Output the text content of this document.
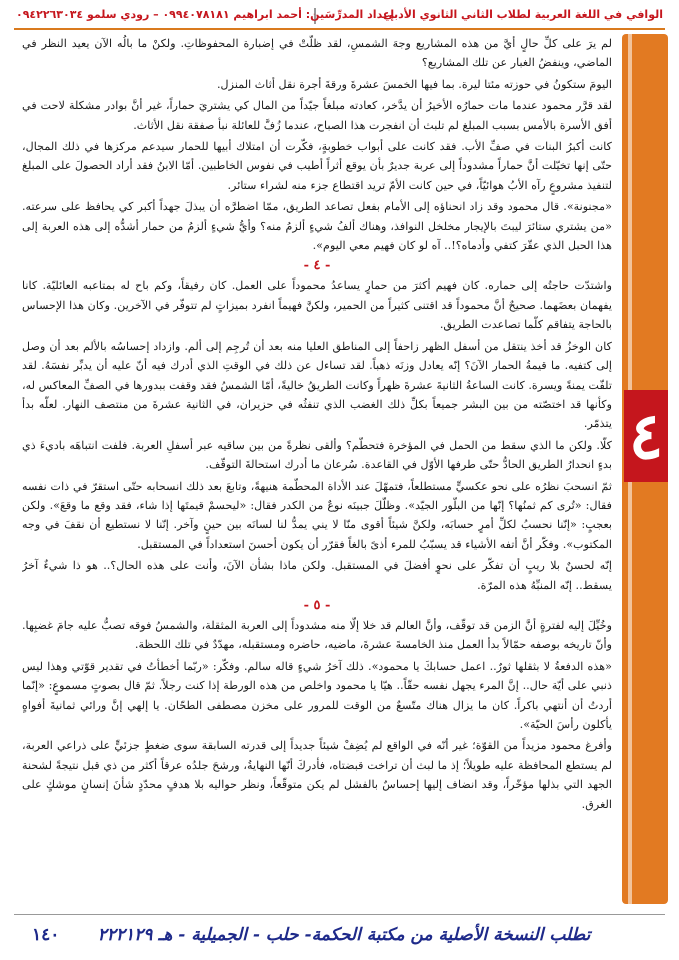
الوافي في اللغة العربية لطلاب الثاني الثانوي الأدبي
إعداد المدرِّسَين: أحمد ابراهيم ٠٩٩٤٠٧٨١٨١ – رودي سلمو ٠٩٤٢٢٦٣٠٣٤
٤

لم يرَ على كلِّ حالٍ أيَّ من هذه المشاريع وجهَ الشمسِ، لقد ظلّتْ في إضبارة المحفوظاتِ. ولكنْ ما بالُه الآن يعيد النظر في الماضي، وينفضُ الغبار عن تلك المشاريع؟

اليومَ ستكونُ في حوزته مئتا ليرة. بما فيها الخمسَ عشرةَ ورقةَ أجرة نقل أثاث المنزل.

لقد قرَّر محمود عندما مات حمارُه الأخيرُ أن يدَّخر، كعادته مبلغاً جيّداً من المال كي يشتريَ حماراً، غير أنَّ بوادر مشكلة لاحت في أفق الأسرة بالأمس بسبب المبلغ لم تلبث أن انفجرت هذا الصباح، عندما زُفَّ للعائلة نبأ صفقة نقل الأثاث.

كانت أكبرُ البنات في صفِّ الأب. فقد كانت على أبواب خطوبةٍ، فكّرت أن امتلاك أبيها للحمار سيدعم مركزها في ذلك المجال، حتّى إنها تخيّلت أنَّ حماراً مشدوداً إلى عربة جديرٌ بأن يوقع أثراً أطيب في نفوس الخاطبين. أمّا الابنُ فقد أراد الحصولَ على المبلغ لتنفيذ مشروعٍ رآه الأبُ هوائيّاً، في حين كانت الأمّ تريد اقتطاع جزء منه لشراء ستائر.

«مجنونة». قال محمود وقد زاد انحناؤه إلى الأمام بفعل تصاعد الطريق، ممّا اضطرَّه أن يبذلَ جهداً أكبر كي يحافظ على سرعته. «من يشتري ستائرَ ليبتَ بالإيجار مخلخل النوافذ، وهناك ألفُ شيءٍ ألزمُ منه؟ وأيُّ شيءٍ ألزمُ من حمار أشدُّه إلى هذه العربة إلى هذا الحبل الذي عقّرَ كتفي وأدماه؟!.. آه لو كان فهيم معي اليوم».

- ٤ -

واشتدّت حاجتُه إلى حماره. كان فهيم أكثرَ من حمارٍ يساعدُ محموداً على العمل. كان رفيقاً، وكم باح له بمتاعبه العائليّة. كانا يفهمان بعضَهما. صحيحٌ أنَّ محموداً قد اقتنى كثيراً من الحمير، ولكنَّ فهيماً انفرد بميزاتٍ لم تتوفّر في الآخرين. وكان هذا الإحساس بالحاجة يتفاقم كلّما تصاعدت الطريق.

كان الوخزُ قد أخذ ينتقل من أسفل الظهر زاحفاً إلى المناطق العليا منه بعد أن تُرجِم إلى ألم. وازداد إحساسُه بالألم بعد أن وصل إلى كتفيه. ما قيمةُ الحمار الآنَ؟ إنّه يعادل وزنَه ذهباً. لقد تساءل عن ذلك في الوقتِ الذي أدرك فيه أنّ عليه أن يدبِّر نفسَهُ. لقد تلفّت يمنةً ويسرة. كانت الساعةُ الثانيةَ عشرةَ ظهراً وكانت الطريقُ خاليةً، أمّا الشمسُ فقد وقفت ببدورها في الصفِّ المعاكس له، وكأنها قد اختصّته من بين البشر جميعاً بكلِّ ذلك الغضب الذي تنفثُه في حزيران، في الثانية عشرةَ من منتصف النهار. لعلّه بدأ يتذمّر.

كلّا. ولكن ما الذي سقط من الحمل في المؤخرة فتحطّم؟ وألقى نظرةً من بين ساقيه عبر أسفلِ العربة. فلفت انتباهَه باديءَ ذي بدءٍ انحدارُ الطريق الحادُّ حتّى طرفها الأوّل في القاعدة. سُرعان ما أدرك استحالةَ التوقّف.

ثمّ انسحبَ نظرُه على نحو عكسيٍّ مستطلعاً، فتمهّلَ عند الأداة المحطّمة هنيهةً، وتابعَ بعد ذلك انسحابه حتّى استقرّ في ذات نفسه فقال: «تُرى كم ثمنُها؟ إنّها من البلّور الجيّد». وظلّلَ جبينَه نوعٌ من الكدر فقال: «ليحسمْ قيمتَها إذا شاء، فقد وقع ما وقعَ». ولكن بعجبٍ: «إنّنا نحسبُ لكلِّ أمرٍ حسابَه، ولكنَّ شيئاً أقوى منّا لا يني يمدُّ لنا لسانَه بين حينٍ وآخر. إنّنا لا نستطيع أن نقفَ في وجه المكتوب». وفكّر أنَّ أتفه الأشياء قد يسبّبُ للمرء أذىً بالغاً فقرّر أن يكون أحسنَ استعداداً في المستقبل.

إنّه لحسنٌ بلا ريبٍ أن تفكّر على نحوٍ أفضلَ في المستقبل. ولكن ماذا بشأن الآنَ، وأنت على هذه الحال؟.. هو ذا شيءٌ آخرُ يسقط.. إنّه المنبِّهُ هذه المرّة.

- ٥ -

وخُيِّلَ إليه لفترةٍ أنَّ الزمن قد توقّف، وأنَّ العالم قد خلا إلّا منه مشدوداً إلى العربة المثقلة، والشمسُ فوقه تصبُّ عليه جامَ غضبِها. وأنّ تاريخه بوصفه حمّالاً بدأ العمل منذ الخامسةَ عشرةَ، ماضيه، حاضره ومستقبله، مهدّدٌ في تلك اللحظة.

«هذه الدفعةُ لا بثقلها ثورٌ.. اعمل حسابكَ يا محمود». ذلك آخرُ شيءٍ قاله سالم. وفكّر: «ربّما أخطأتُ في تقدير قوّتي وهذا ليس ذنبي على أيّة حال.. إنَّ المرء يجهل نفسه حقّاً.. هيّا يا محمود واخلص من هذه الورطة إذا كنت رجلاً. ثمّ قال بصوتٍ مسموعٍ: «إنّما أردتُ أن أنتهي باكراً. كان ما يزال هناك متّسعٌ من الوقت للمرور على مخزن مصطفى الطحّان. يا إلهي إنَّ ورائي ثمانيةَ أفواهٍ يأكلون رأسَ الحيّة».

وأفرغ محمود مزيداً من القوّة؛ غير أنّه في الواقع لم يُضِفْ شيئاً جديداً إلى قدرته السابقة سوى ضغطٍ جزئيٍّ على ذراعي العربة، لم يستطع المحافظة عليه طويلاً؛ إذ ما لبث أن تراخت قبضتاه، فأدركَ أنّها النهايةُ، ورشحَ جلدُه عرقاً أكثر من ذي قبل نتيجةً لشحنة الجهد التي بذلها مؤخّراً، وقد انضاف إليها إحساسٌ بالفشل لم يكن متوقّعاً، ونظر حواليه بلا هدفٍ محدّدٍ شأنَ إنسانٍ موشكٍ على الغرق.

١٤٠	تطلب النسخة الأصلية من مكتبة الحكمة- حلب - الجميلية - هـ ٢٢٢١٢٩
